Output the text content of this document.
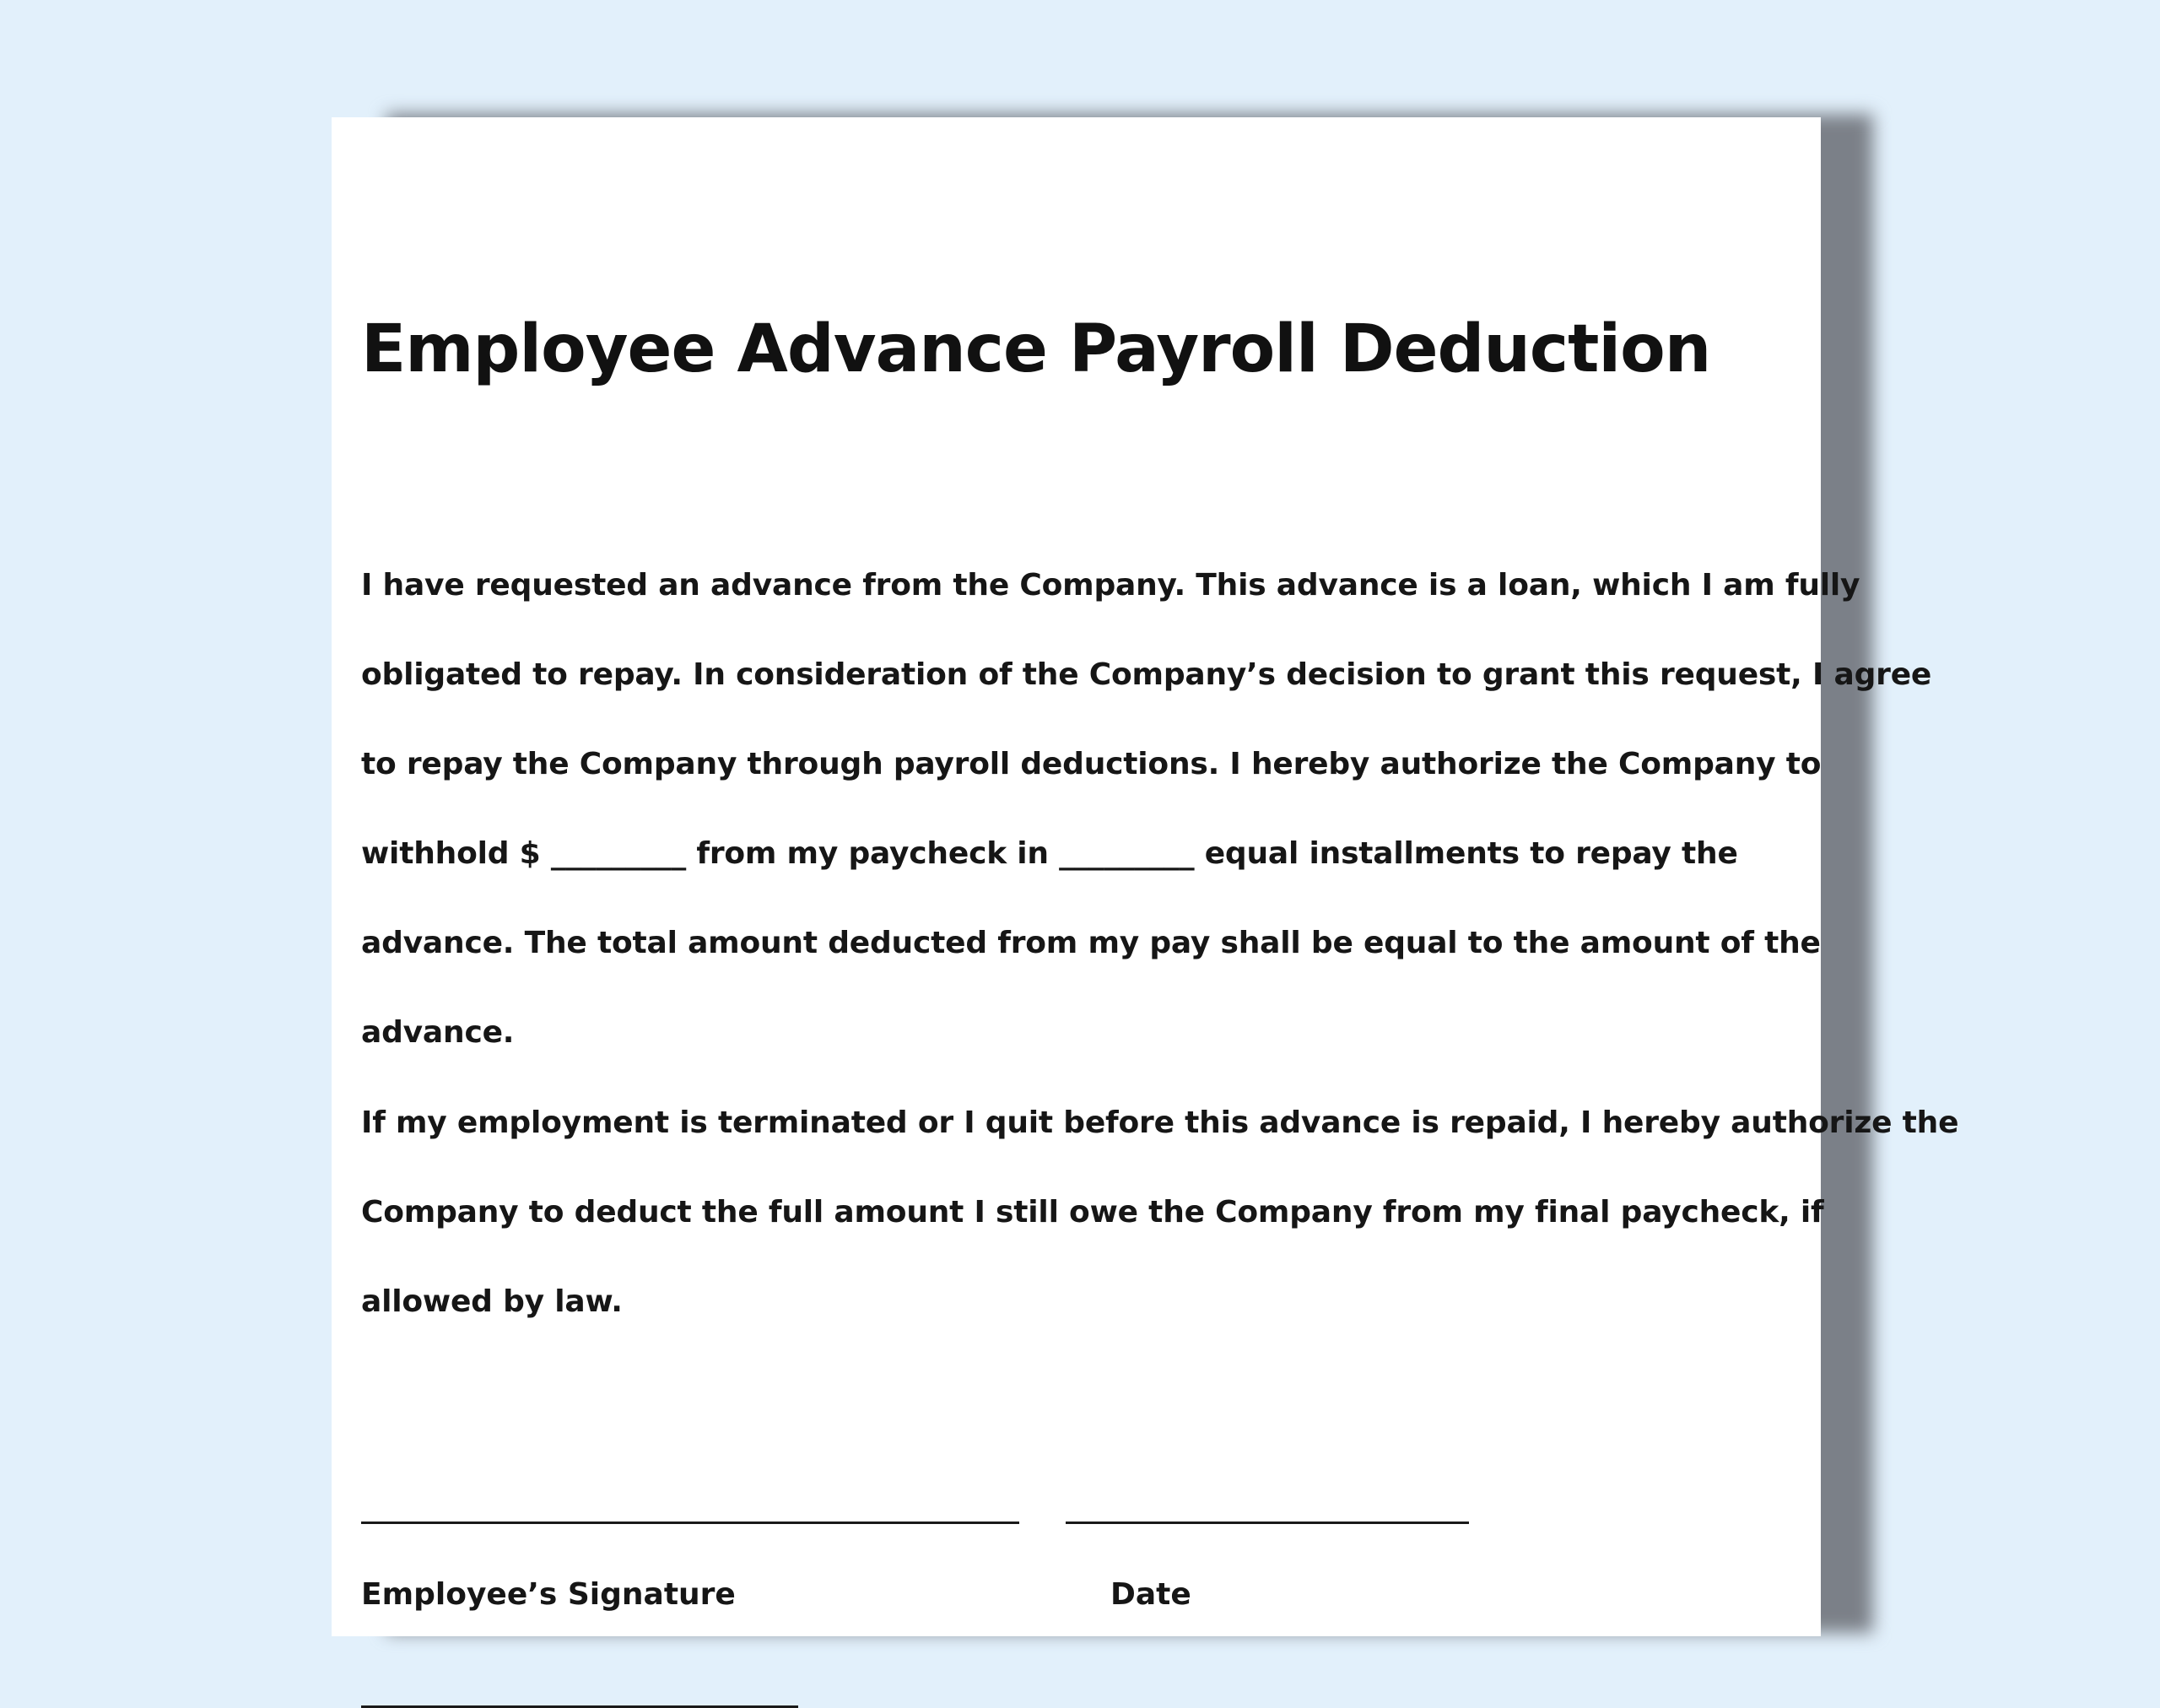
Employee Advance Payroll Deduction

I have requested an advance from the Company. This advance is a loan, which I am fully
obligated to repay. In consideration of the Company’s decision to grant this request, I agree
to repay the Company through payroll deductions. I hereby authorize the Company to
withhold $ _________ from my paycheck in _________ equal installments to repay the
advance. The total amount deducted from my pay shall be equal to the amount of the
advance.

If my employment is terminated or I quit before this advance is repaid, I hereby authorize the
Company to deduct the full amount I still owe the Company from my final paycheck, if
allowed by law.

Employee’s Signature	Date
